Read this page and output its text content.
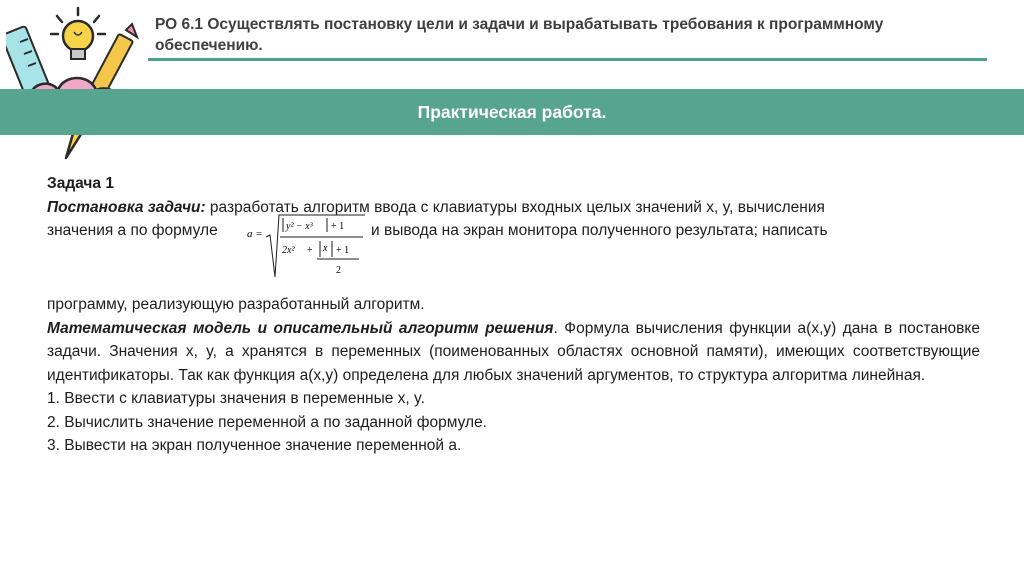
РО 6.1 Осуществлять постановку цели и задачи и вырабатывать требования к программному обеспечению.
Практическая работа.

Задача 1

Постановка задачи: разработать алгоритм ввода с клавиатуры входных целых значений x, y, вычисления

значения a по формуле	a =
y² − x³ + 1
2x² + x + 1
2
и вывода на экран монитора полученного результата; написать

программу, реализующую разработанный алгоритм.

Математическая модель и описательный алгоритм решения. Формула вычисления функции a(x,y) дана в постановке задачи. Значения x, y, a хранятся в переменных (поименованных областях основной памяти), имеющих соответствующие идентификаторы. Так как функция a(x,y) определена для любых значений аргументов, то структура алгоритма линейная.

1. Ввести с клавиатуры значения в переменные x, y.

2. Вычислить значение переменной a по заданной формуле.

3. Вывести на экран полученное значение переменной a.
